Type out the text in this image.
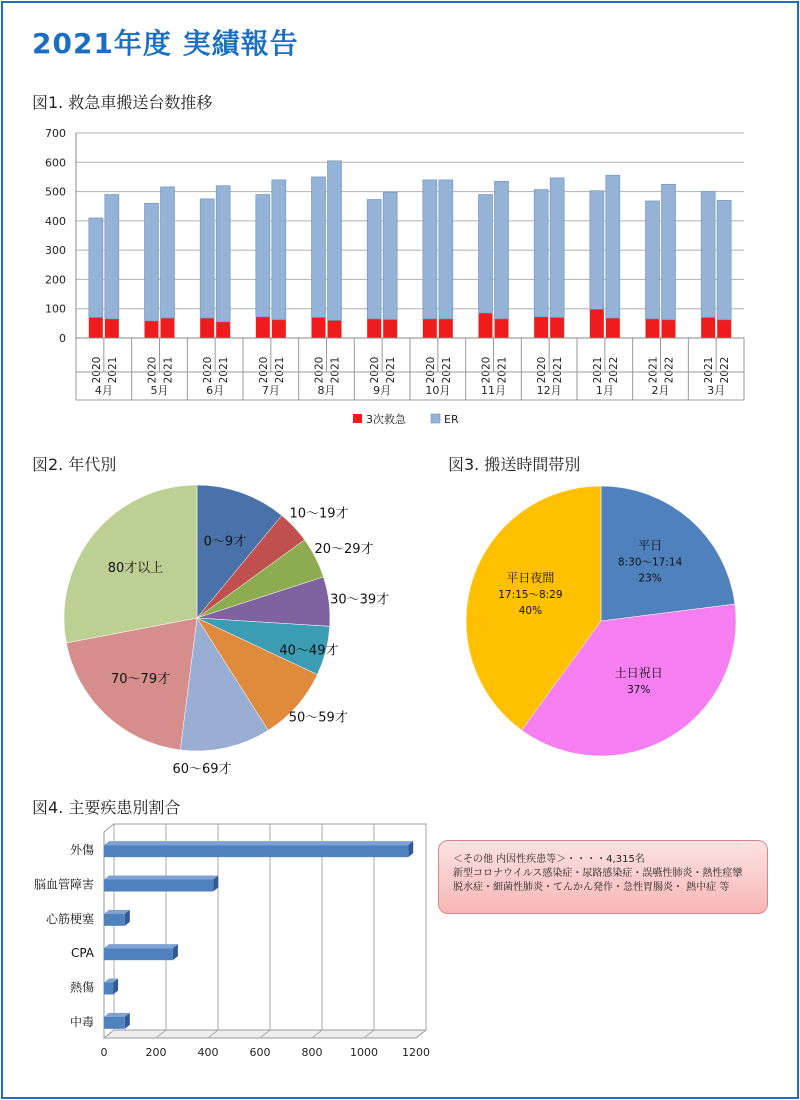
2021年度 実績報告
図1. 救急車搬送台数推移
0
100
200
300
400
500
600
700
2020 2021
4月
2020 2021
5月
2020 2021
6月
2020 2021
7月
2020 2021
8月
2020 2021
9月
2020 2021
10月
2020 2021
11月
2020 2021
12月
2021 2022
1月
2021 2022
2月
2021 2022
3月
3次救急	ER
図2. 年代別
0～9才
10～19才
20～29才
30～39才
40～49才
50～59才
60～69才
70～79才
80才以上
図3. 搬送時間帯別
平日
8:30～17:14
23%
土日祝日
37%
平日夜間
17:15～8:29
40%
図4. 主要疾患別割合
0	200	400	600	800	1000 1200
外傷
脳血管障害
心筋梗塞
CPA
熱傷
中毒
＜その他 内因性疾患等＞・・・・4,315名
新型コロナウイルス感染症・尿路感染症・誤嚥性肺炎・熱性痙攣
脱水症・細菌性肺炎・てんかん発作・急性胃腸炎・ 熱中症 等
